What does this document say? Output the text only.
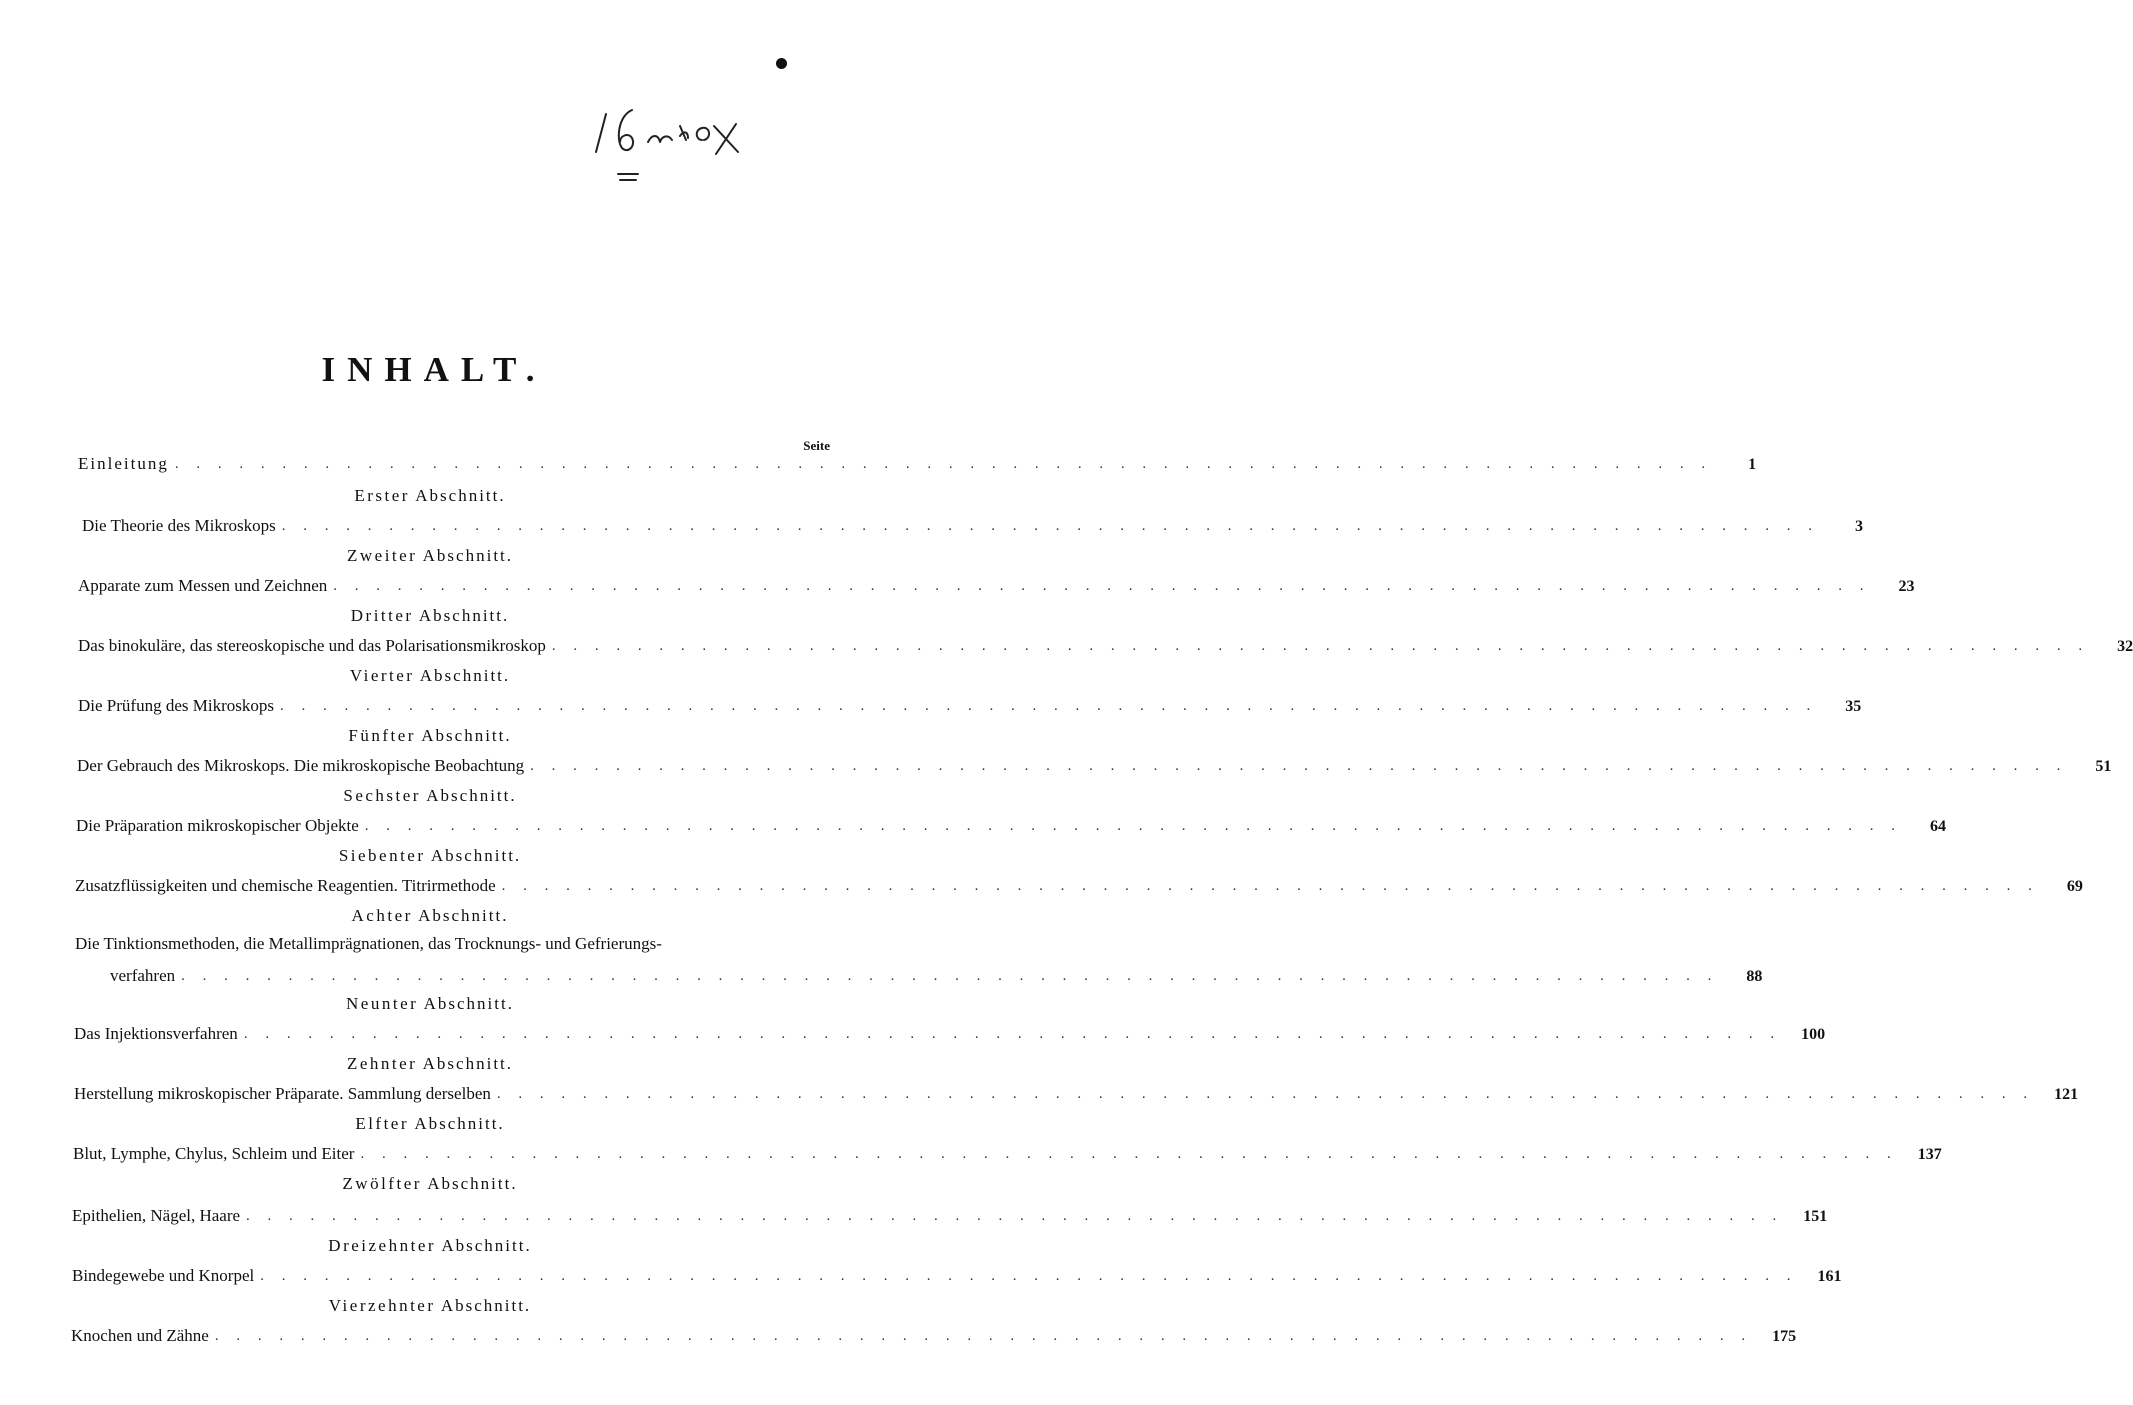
INHALT.
Seite
Einleitung . . . . . . . . . . . . . . . . . . . . . . . . . . . . . . . . . . . . . . . . . . . . . . . . . . . . . . . . . . . . . . . . . . . . . . . .	1
Erster Abschnitt.
Die Theorie des Mikroskops . . . . . . . . . . . . . . . . . . . . . . . . . . . . . . . . . . . . . . . . . . . . . . . . . . . . . . . . . . . . . . . . . . . . . . . .	3
Zweiter Abschnitt.
Apparate zum Messen und Zeichnen . . . . . . . . . . . . . . . . . . . . . . . . . . . . . . . . . . . . . . . . . . . . . . . . . . . . . . . . . . . . . . . . . . . . . . . .	23
Dritter Abschnitt.
Das binokuläre, das stereoskopische und das Polarisationsmikroskop . . . . . . . . . . . . . . . . . . . . . . . . . . . . . . . . . . . . . . . . . . . . . . . . . . . . . . . . . . . . . . . . . . . . . . . .	32
Vierter Abschnitt.
Die Prüfung des Mikroskops . . . . . . . . . . . . . . . . . . . . . . . . . . . . . . . . . . . . . . . . . . . . . . . . . . . . . . . . . . . . . . . . . . . . . . . .	35
Fünfter Abschnitt.
Der Gebrauch des Mikroskops. Die mikroskopische Beobachtung . . . . . . . . . . . . . . . . . . . . . . . . . . . . . . . . . . . . . . . . . . . . . . . . . . . . . . . . . . . . . . . . . . . . . . . .	51
Sechster Abschnitt.
Die Präparation mikroskopischer Objekte . . . . . . . . . . . . . . . . . . . . . . . . . . . . . . . . . . . . . . . . . . . . . . . . . . . . . . . . . . . . . . . . . . . . . . . .	64
Siebenter Abschnitt.
Zusatzflüssigkeiten und chemische Reagentien. Titrirmethode . . . . . . . . . . . . . . . . . . . . . . . . . . . . . . . . . . . . . . . . . . . . . . . . . . . . . . . . . . . . . . . . . . . . . . . .	69
Achter Abschnitt.
Die Tinktionsmethoden, die Metallimprägnationen, das Trocknungs- und Gefrierungs-
verfahren . . . . . . . . . . . . . . . . . . . . . . . . . . . . . . . . . . . . . . . . . . . . . . . . . . . . . . . . . . . . . . . . . . . . . . . .	88
Neunter Abschnitt.
Das Injektionsverfahren . . . . . . . . . . . . . . . . . . . . . . . . . . . . . . . . . . . . . . . . . . . . . . . . . . . . . . . . . . . . . . . . . . . . . . . .	100
Zehnter Abschnitt.
Herstellung mikroskopischer Präparate. Sammlung derselben . . . . . . . . . . . . . . . . . . . . . . . . . . . . . . . . . . . . . . . . . . . . . . . . . . . . . . . . . . . . . . . . . . . . . . . .	121
Elfter Abschnitt.
Blut, Lymphe, Chylus, Schleim und Eiter . . . . . . . . . . . . . . . . . . . . . . . . . . . . . . . . . . . . . . . . . . . . . . . . . . . . . . . . . . . . . . . . . . . . . . . .	137
Zwölfter Abschnitt.
Epithelien, Nägel, Haare . . . . . . . . . . . . . . . . . . . . . . . . . . . . . . . . . . . . . . . . . . . . . . . . . . . . . . . . . . . . . . . . . . . . . . . .	151
Dreizehnter Abschnitt.
Bindegewebe und Knorpel . . . . . . . . . . . . . . . . . . . . . . . . . . . . . . . . . . . . . . . . . . . . . . . . . . . . . . . . . . . . . . . . . . . . . . . .	161
Vierzehnter Abschnitt.
Knochen und Zähne . . . . . . . . . . . . . . . . . . . . . . . . . . . . . . . . . . . . . . . . . . . . . . . . . . . . . . . . . . . . . . . . . . . . . . . .	175
